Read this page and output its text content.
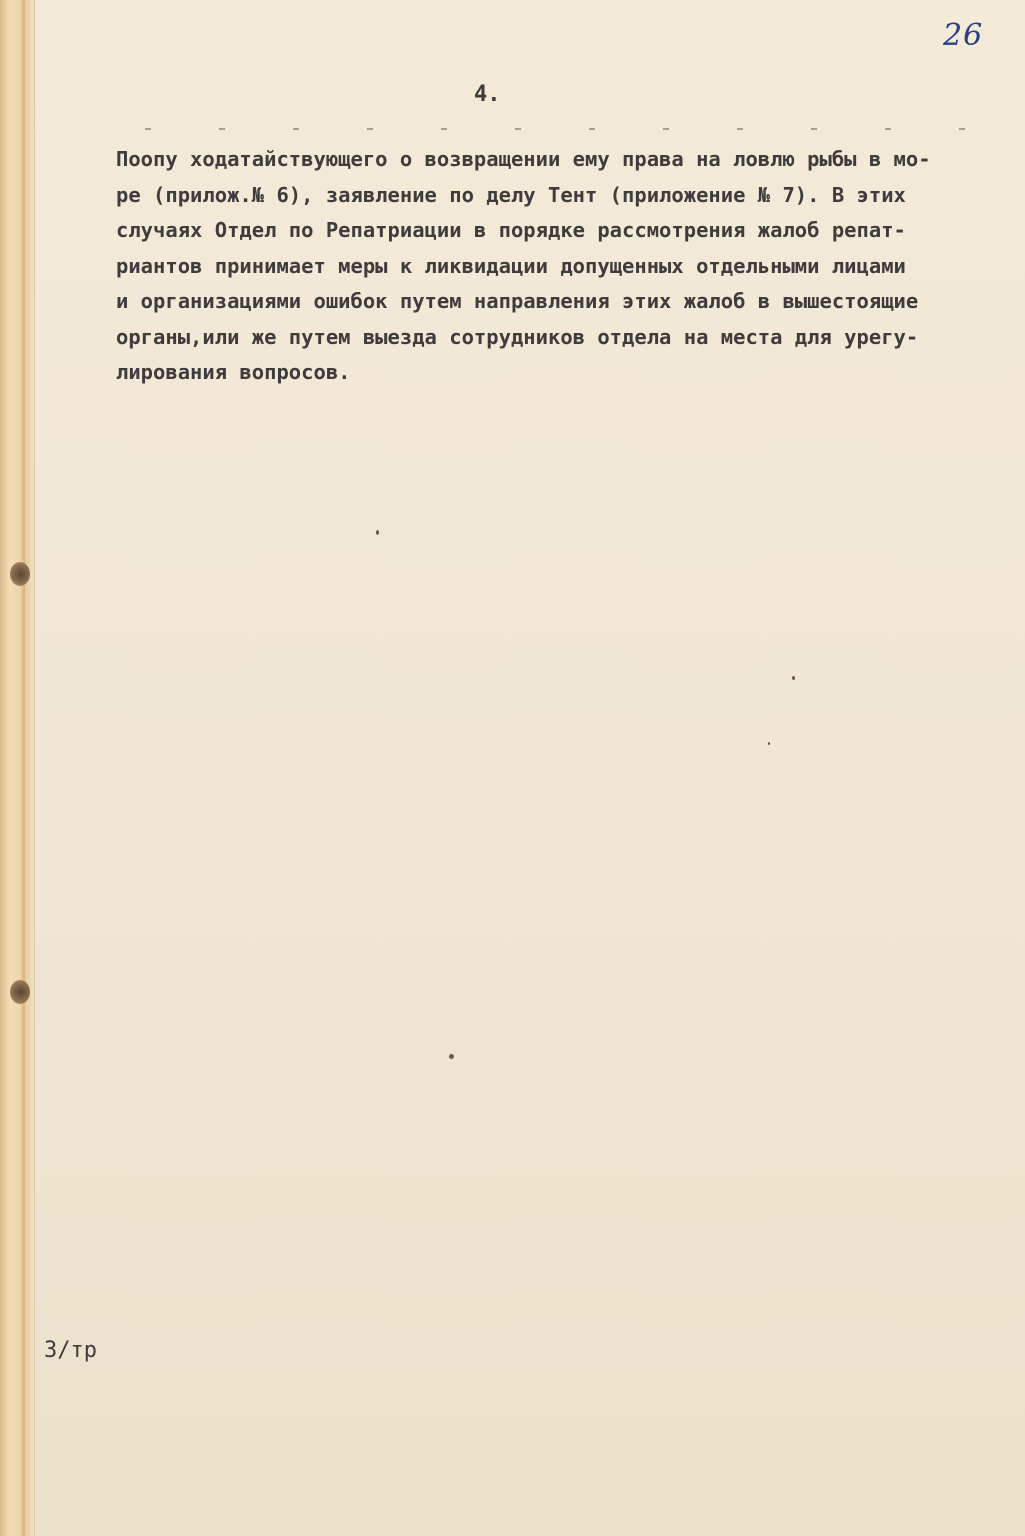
26
4.

Поопу ходатайствующего о возвращении ему права на ловлю рыбы в мо-
ре (прилож.№ 6), заявление по делу Тент (приложение № 7). В этих
случаях Отдел по Репатриации в порядке рассмотрения жалоб репат-
риантов принимает меры к ликвидации допущенных отдельными лицами
и организациями ошибок путем направления этих жалоб в вышестоящие
органы,или же путем выезда сотрудников отдела на места для урегу-
лирования вопросов.

З/тр
